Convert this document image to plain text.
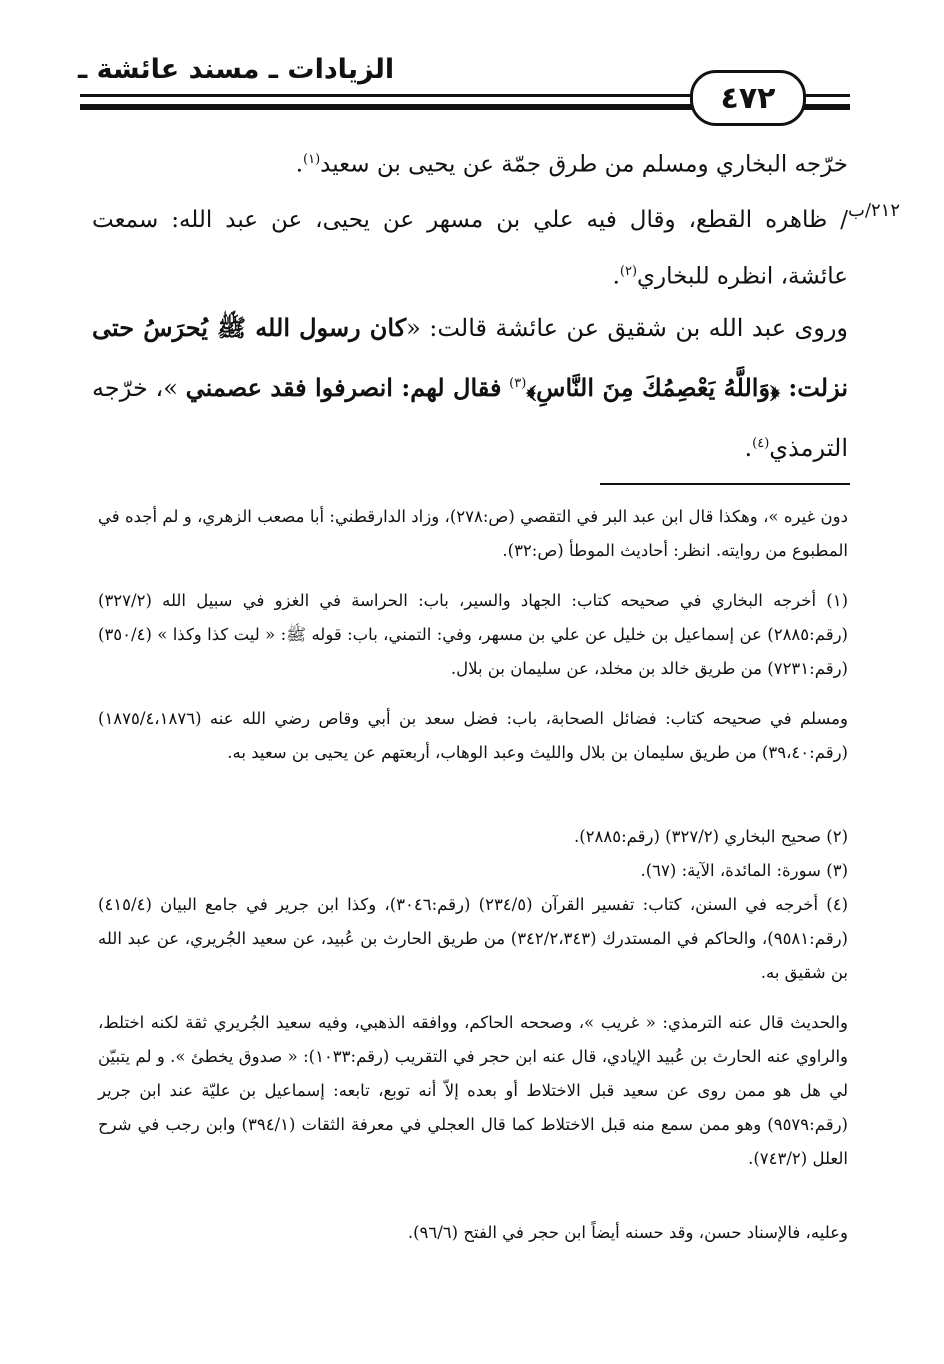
الزيادات ـ مسند عائشة ـ
٤٧٢
٢١٢/ب
خرّجه البخاري ومسلم من طرق جمّة عن يحيى بن سعيد$^{(١)}$.
/ ظاهره القطع، وقال فيه علي بن مسهر عن يحيى، عن عبد الله: سمعت عائشة، انظره للبخاري$^{(٢)}$.
وروى عبد الله بن شقيق عن عائشة قالت: «كان رسول الله ﷺ يُحرَسُ حتى نزلت: ﴿وَاللَّهُ يَعْصِمُكَ مِنَ النَّاسِ﴾$^{(٣)}$ فقال لهم: انصرفوا فقد عصمني »، خرّجه الترمذي$^{(٤)}$.
دون غيره »، وهكذا قال ابن عبد البر في التقصي (ص:٢٧٨)، وزاد الدارقطني: أبا مصعب الزهري، و لم أجده في المطبوع من روايته. انظر: أحاديث الموطأ (ص:٣٢).
(١) أخرجه البخاري في صحيحه كتاب: الجهاد والسير، باب: الحراسة في الغزو في سبيل الله (٣٢٧/٢) (رقم:٢٨٨٥) عن إسماعيل بن خليل عن علي بن مسهر، وفي: التمني، باب: قوله ﷺ: « ليت كذا وكذا » (٣٥٠/٤) (رقم:٧٢٣١) من طريق خالد بن مخلد، عن سليمان بن بلال.
ومسلم في صحيحه كتاب: فضائل الصحابة، باب: فضل سعد بن أبي وقاص رضي الله عنه (١٨٧٥/٤،١٨٧٦) (رقم:٣٩،٤٠) من طريق سليمان بن بلال والليث وعبد الوهاب، أربعتهم عن يحيى بن سعيد به.
(٢) صحيح البخاري (٣٢٧/٢) (رقم:٢٨٨٥).
(٣) سورة: المائدة، الآية: (٦٧).
(٤) أخرجه في السنن، كتاب: تفسير القرآن (٢٣٤/٥) (رقم:٣٠٤٦)، وكذا ابن جرير في جامع البيان (٤١٥/٤) (رقم:٩٥٨١)، والحاكم في المستدرك (٣٤٢/٢،٣٤٣) من طريق الحارث بن عُبيد، عن سعيد الجُريري، عن عبد الله بن شقيق به.
والحديث قال عنه الترمذي: « غريب »، وصححه الحاكم، ووافقه الذهبي، وفيه سعيد الجُريري ثقة لكنه اختلط، والراوي عنه الحارث بن عُبيد الإيادي، قال عنه ابن حجر في التقريب (رقم:١٠٣٣): « صدوق يخطئ ». و لم يتبيّن لي هل هو ممن روى عن سعيد قبل الاختلاط أو بعده إلاّ أنه توبع، تابعه: إسماعيل بن عليّة عند ابن جرير (رقم:٩٥٧٩) وهو ممن سمع منه قبل الاختلاط كما قال العجلي في معرفة الثقات (٣٩٤/١) وابن رجب في شرح العلل (٧٤٣/٢).
وعليه، فالإسناد حسن، وقد حسنه أيضاً ابن حجر في الفتح (٩٦/٦).
